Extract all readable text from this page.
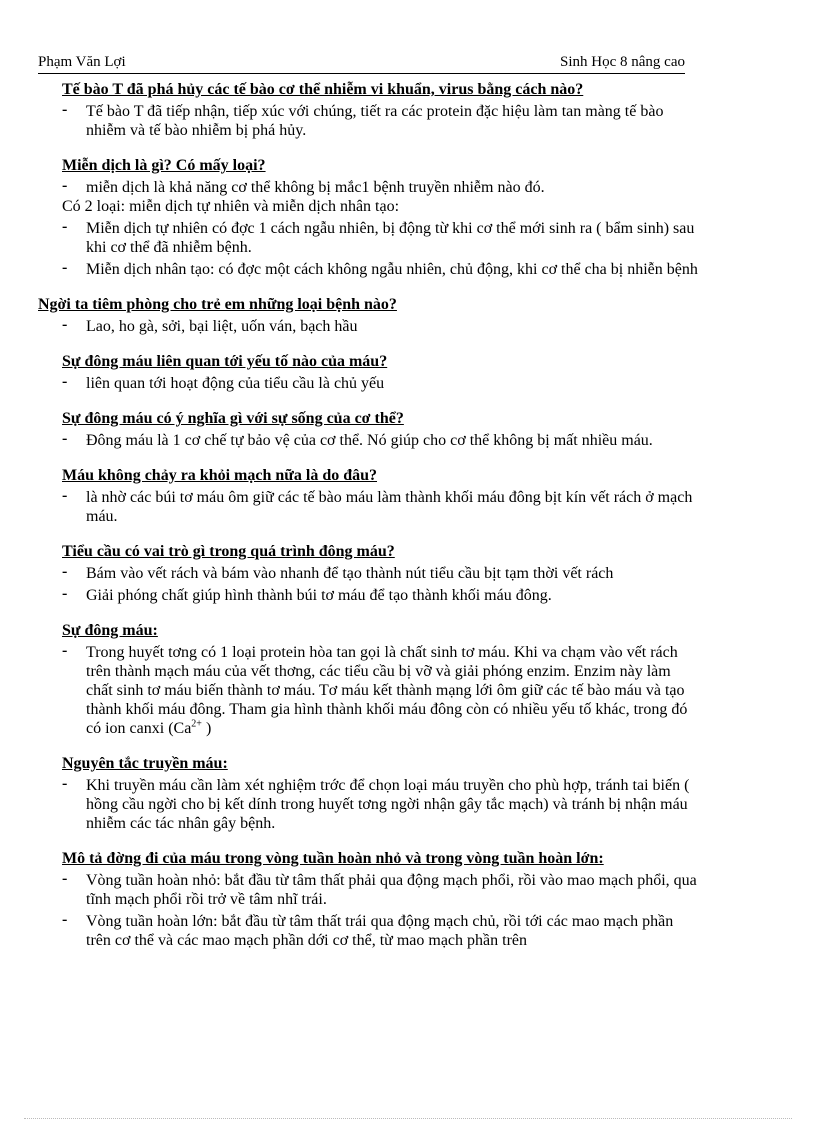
Phạm Văn Lợi	Sinh Học 8 nâng cao

Tế bào T đã phá hủy các tế bào cơ thể nhiễm vi khuẩn, virus bằng cách nào?

- Tế bào T đã tiếp nhận, tiếp xúc với chúng, tiết ra các protein đặc hiệu làm tan màng tế bào nhiễm và tế bào nhiễm bị phá hủy.

Miễn dịch là gì? Có mấy loại?

- miễn dịch là khả năng cơ thể không bị mắc1 bệnh truyền nhiễm nào đó.

Có 2 loại: miễn dịch tự nhiên và miễn dịch nhân tạo:

- Miễn dịch tự nhiên có đợc 1 cách ngẫu nhiên, bị động từ khi cơ thể mới sinh ra ( bẩm sinh) sau khi cơ thể đã nhiễm bệnh.
- Miễn dịch nhân tạo: có đợc một cách không ngẫu nhiên, chủ động, khi cơ thể cha bị nhiễn bệnh

Ngời ta tiêm phòng cho trẻ em những loại bệnh nào?

- Lao, ho gà, sởi, bại liệt, uốn ván, bạch hầu

Sự đông máu liên quan tới yếu tố nào của máu?

- liên quan tới hoạt động của tiểu cầu là chủ yếu

Sự đông máu có ý nghĩa gì với sự sống của cơ thể?

- Đông máu là 1 cơ chế tự bảo vệ của cơ thể. Nó giúp cho cơ thể không bị mất nhiều máu.

Máu không chảy ra khỏi mạch nữa là do đâu?

- là nhờ các búi tơ máu ôm giữ các tế bào máu làm thành khối máu đông bịt kín vết rách ở mạch máu.

Tiểu cầu có vai trò gì trong quá trình đông máu?

- Bám vào vết rách và bám vào nhanh để tạo thành nút tiểu cầu bịt tạm thời vết rách
- Giải phóng chất giúp hình thành búi tơ máu để tạo thành khối máu đông.

Sự đông máu:

- Trong huyết tơng có 1 loại protein hòa tan gọi là chất sinh tơ máu. Khi va chạm vào vết rách trên thành mạch máu của vết thơng, các tiểu cầu bị vỡ và giải phóng enzim. Enzim này làm chất sinh tơ máu biến thành tơ máu. Tơ máu kết thành mạng lới ôm giữ các tế bào máu và tạo thành khối máu đông. Tham gia hình thành khối máu đông còn có nhiều yếu tố khác, trong đó có ion canxi ($Ca^{2+}$ )

Nguyên tắc truyền máu:

- Khi truyền máu cần làm xét nghiệm trớc để chọn loại máu truyền cho phù hợp, tránh tai biến ( hồng cầu ngời cho bị kết dính trong huyết tơng ngời nhận gây tắc mạch) và tránh bị nhận máu nhiễm các tác nhân gây bệnh.

Mô tả đờng đi của máu trong vòng tuần hoàn nhỏ và trong vòng tuần hoàn lớn:

- Vòng tuần hoàn nhỏ: bắt đầu từ tâm thất phải qua động mạch phổi, rồi vào mao mạch phổi, qua tĩnh mạch phổi rồi trở về tâm nhĩ trái.
- Vòng tuần hoàn lớn: bắt đầu từ tâm thất trái qua động mạch chủ, rồi tới các mao mạch phần trên cơ thể và các mao mạch phần dới cơ thể, từ mao mạch phần trên
